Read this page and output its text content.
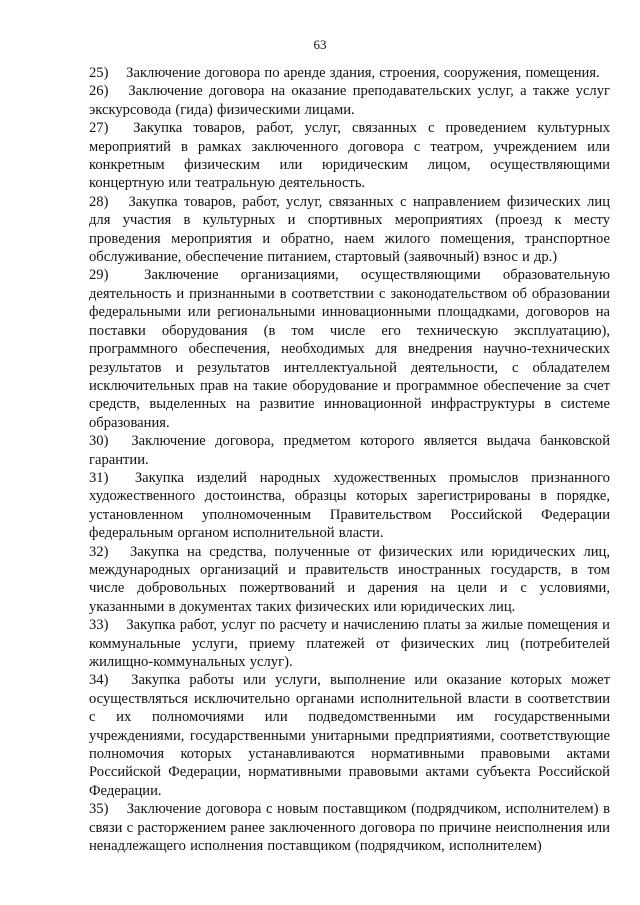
63

25) Заключение договора по аренде здания, строения, сооружения, помещения.

26) Заключение договора на оказание преподавательских услуг, а также услуг экскурсовода (гида) физическими лицами.

27) Закупка товаров, работ, услуг, связанных с проведением культурных мероприятий в рамках заключенного договора с театром, учреждением или конкретным физическим или юридическим лицом, осуществляющими концертную или театральную деятельность.

28) Закупка товаров, работ, услуг, связанных с направлением физических лиц для участия в культурных и спортивных мероприятиях (проезд к месту проведения мероприятия и обратно, наем жилого помещения, транспортное обслуживание, обеспечение питанием, стартовый (заявочный) взнос и др.)

29) Заключение организациями, осуществляющими образовательную деятельность и признанными в соответствии с законодательством об образовании федеральными или региональными инновационными площадками, договоров на поставки оборудования (в том числе его техническую эксплуатацию), программного обеспечения, необходимых для внедрения научно-технических результатов и результатов интеллектуальной деятельности, с обладателем исключительных прав на такие оборудование и программное обеспечение за счет средств, выделенных на развитие инновационной инфраструктуры в системе образования.

30) Заключение договора, предметом которого является выдача банковской гарантии.

31) Закупка изделий народных художественных промыслов признанного художественного достоинства, образцы которых зарегистрированы в порядке, установленном уполномоченным Правительством Российской Федерации федеральным органом исполнительной власти.

32) Закупка на средства, полученные от физических или юридических лиц, международных организаций и правительств иностранных государств, в том числе добровольных пожертвований и дарения на цели и с условиями, указанными в документах таких физических или юридических лиц.

33) Закупка работ, услуг по расчету и начислению платы за жилые помещения и коммунальные услуги, приему платежей от физических лиц (потребителей жилищно-коммунальных услуг).

34) Закупка работы или услуги, выполнение или оказание которых может осуществляться исключительно органами исполнительной власти в соответствии с их полномочиями или подведомственными им государственными учреждениями, государственными унитарными предприятиями, соответствующие полномочия которых устанавливаются нормативными правовыми актами Российской Федерации, нормативными правовыми актами субъекта Российской Федерации.

35) Заключение договора с новым поставщиком (подрядчиком, исполнителем) в связи с расторжением ранее заключенного договора по причине неисполнения или ненадлежащего исполнения поставщиком (подрядчиком, исполнителем)
